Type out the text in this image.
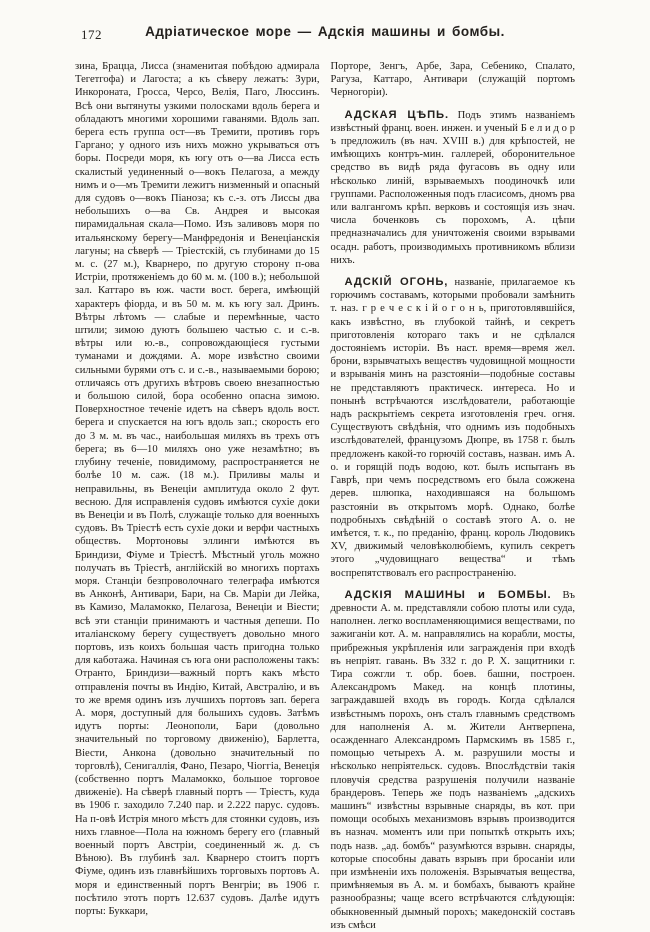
172	Адріатическое море — Адскія машины и бомбы.

зина, Брацца, Лисса (знаменитая побѣдою адмирала Тегетгофа) и Лагоста; а къ сѣверу лежатъ: Зури, Инкороната, Гросса, Черсо, Велія, Паго, Люссинъ. Всѣ они вытянуты узкими полосками вдоль берега и обладаютъ многими хорошими гаванями. Вдоль зап. берега есть группа ост—въ Тремити, противъ горъ Гаргано; у одного изъ нихъ можно укрываться отъ боры. Посреди моря, къ югу отъ о—ва Лисса есть скалистый уединенный о—вокъ Пелагоза, а между нимъ и о—мъ Тремити лежитъ низменный и опасный для судовъ о—вокъ Піаноза; къ с.-з. отъ Лиссы два небольшихъ о—ва Св. Андрея и высокая пирамидальная скала—Помо. Изъ заливовъ моря по итальянскому берегу—Манфредонія и Венеціанскія лагуны; на сѣверѣ — Тріестскій, съ глубинами до 15 м. с. (27 м.), Кварнеро, по другую сторону п-ова Истріи, протяженіемъ до 60 м. м. (100 в.); небольшой зал. Каттаро въ юж. части вост. берега, имѣющій характеръ фіорда, и въ 50 м. м. къ югу зал. Дринъ. Вѣтры лѣтомъ — слабые и перемѣнные, часто штили; зимою дуютъ большею частью с. и с.-в. вѣтры или ю.-в., сопровождающіеся густыми туманами и дождями. А. море извѣстно своими сильными бурями отъ с. и с.-в., называемыми борою; отличаясь отъ другихъ вѣтровъ своею внезапностью и большою силой, бора особенно опасна зимою. Поверхностное теченіе идетъ на сѣверъ вдоль вост. берега и спускается на югъ вдоль зап.; скорость его до 3 м. м. въ час., наибольшая миляхъ въ трехъ отъ берега; въ 6—10 миляхъ оно уже незамѣтно; въ глубину теченіе, повидимому, распространяется не болѣе 10 м. саж. (18 м.). Приливы малы и неправильны, въ Венеціи амплитуда около 2 фут. весною. Для исправленія судовъ имѣются сухіе доки въ Венеціи и въ Полѣ, служащіе только для военныхъ судовъ. Въ Тріестѣ есть сухіе доки и верфи частныхъ обществъ. Мортоновы эллинги имѣются въ Бриндизи, Фіуме и Тріестѣ. Мѣстный уголь можно получать въ Тріестѣ, англійскій во многихъ портахъ моря. Станціи безпроволочнаго телеграфа имѣются въ Анконѣ, Антивари, Бари, на Св. Маріи ди Лейка, въ Камизо, Маламокко, Пелагоза, Венеціи и Віести; всѣ эти станціи принимаютъ и частныя депеши. По италіанскому берегу существуетъ довольно много портовъ, изъ коихъ большая часть пригодна только для каботажа. Начиная съ юга они расположены такъ: Отранто, Бриндизи—важный портъ какъ мѣсто отправленія почты въ Индію, Китай, Австралію, и въ то же время одинъ изъ лучшихъ портовъ зап. берега А. моря, доступный для большихъ судовъ. Затѣмъ идутъ порты: Леонополи, Бари (довольно значительный по торговому движенію), Барлетта, Віести, Анкона (довольно значительный по торговлѣ), Сенигаллія, Фано, Пезаро, Чіоггіа, Венеція (собственно портъ Маламокко, большое торговое движеніе). На сѣверѣ главный портъ — Тріестъ, куда въ 1906 г. заходило 7.240 пар. и 2.222 парус. судовъ. На п-овѣ Истрія много мѣстъ для стоянки судовъ, изъ нихъ главное—Пола на южномъ берегу его (главный военный портъ Австріи, соединенный ж. д. съ Вѣною). Въ глубинѣ зал. Кварнеро стоитъ портъ Фіуме, одинъ изъ главнѣйшихъ торговыхъ портовъ А. моря и единственный портъ Венгріи; въ 1906 г. посѣтило этотъ портъ 12.637 судовъ. Далѣе идутъ порты: Буккари,

Порторе, Зенгъ, Арбе, Зара, Себенико, Спалато, Рагуза, Каттаро, Антивари (служащій портомъ Черногоріи).

АДСКАЯ ЦѢПЬ. Подъ этимъ названіемъ извѣстный франц. воен. инжен. и ученый Б е л и д о р ъ предложилъ (въ нач. XVIII в.) для крѣпостей, не имѣющихъ контръ-мин. галлерей, оборонительное средство въ видѣ ряда фугасовъ въ одну или нѣсколько линій, взрываемыхъ поодиночкѣ или группами. Расположенныя подъ гласисомъ, дномъ рва или валгангомъ крѣп. верковъ и состоящія изъ знач. числа боченковъ съ порохомъ, А. цѣпи предназначались для уничтоженія своими взрывами осадн. работъ, производимыхъ противникомъ вблизи нихъ.

АДСКІЙ ОГОНЬ, названіе, прилагаемое къ горючимъ составамъ, которыми пробовали замѣнить т. наз. г р е ч е с к і й о г о н ь, приготовлявшійся, какъ извѣстно, въ глубокой тайнѣ, и секретъ приготовленія котораго такъ и не сдѣлался достояніемъ исторіи. Въ наст. время—время жел. брони, взрывчатыхъ веществъ чудовищной мощности и взрыванія минъ на разстояніи—подобные составы не представляютъ практическ. интереса. Но и понынѣ встрѣчаются изслѣдователи, работающіе надъ раскрытіемъ секрета изготовленія греч. огня. Существуютъ свѣдѣнія, что однимъ изъ подобныхъ изслѣдователей, французомъ Дюпре, въ 1758 г. былъ предложенъ какой-то горючій составъ, назван. имъ А. о. и горящій подъ водою, кот. былъ испытанъ въ Гаврѣ, при чемъ посредствомъ его была сожжена дерев. шлюпка, находившаяся на большомъ разстояніи въ открытомъ морѣ. Однако, болѣе подробныхъ свѣдѣній о составѣ этого А. о. не имѣется, т. к., по преданію, франц. король Людовикъ XV, движимый человѣколюбіемъ, купилъ секретъ этого „чудовищнаго вещества“ и тѣмъ воспрепятствовалъ его распространенію.

АДСКІЯ МАШИНЫ и БОМБЫ. Въ древности А. м. представляли собою плоты или суда, наполнен. легко воспламеняющимися веществами, по зажиганіи кот. А. м. направлялись на корабли, мосты, прибрежныя укрѣпленія или загражденія при входѣ въ непріят. гавань. Въ 332 г. до Р. Х. защитники г. Тира сожгли т. обр. боев. башни, построен. Александромъ Макед. на концѣ плотины, заграждавшей входъ въ городъ. Когда сдѣлался извѣстнымъ порохъ, онъ сталъ главнымъ средствомъ для наполненія А. м. Жители Антверпена, осажденнаго Александромъ Пармскимъ въ 1585 г., помощью четырехъ А. м. разрушили мосты и нѣсколько непріятельск. судовъ. Впослѣдствіи такія пловучія средства разрушенія получили названіе брандеровъ. Теперь же подъ названіемъ „адскихъ машинъ“ извѣстны взрывные снаряды, въ кот. при помощи особыхъ механизмовъ взрывъ производится въ назнач. моментъ или при попыткѣ открыть ихъ; подъ назв. „ад. бомбъ“ разумѣются взрывн. снаряды, которые способны давать взрывъ при бросаніи или при измѣненіи ихъ положенія. Взрывчатыя вещества, примѣняемыя въ А. м. и бомбахъ, бываютъ крайне разнообразны; чаще всего встрѣчаются слѣдующія: обыкновенный дымный порохъ; македонскій составъ изъ смѣси
